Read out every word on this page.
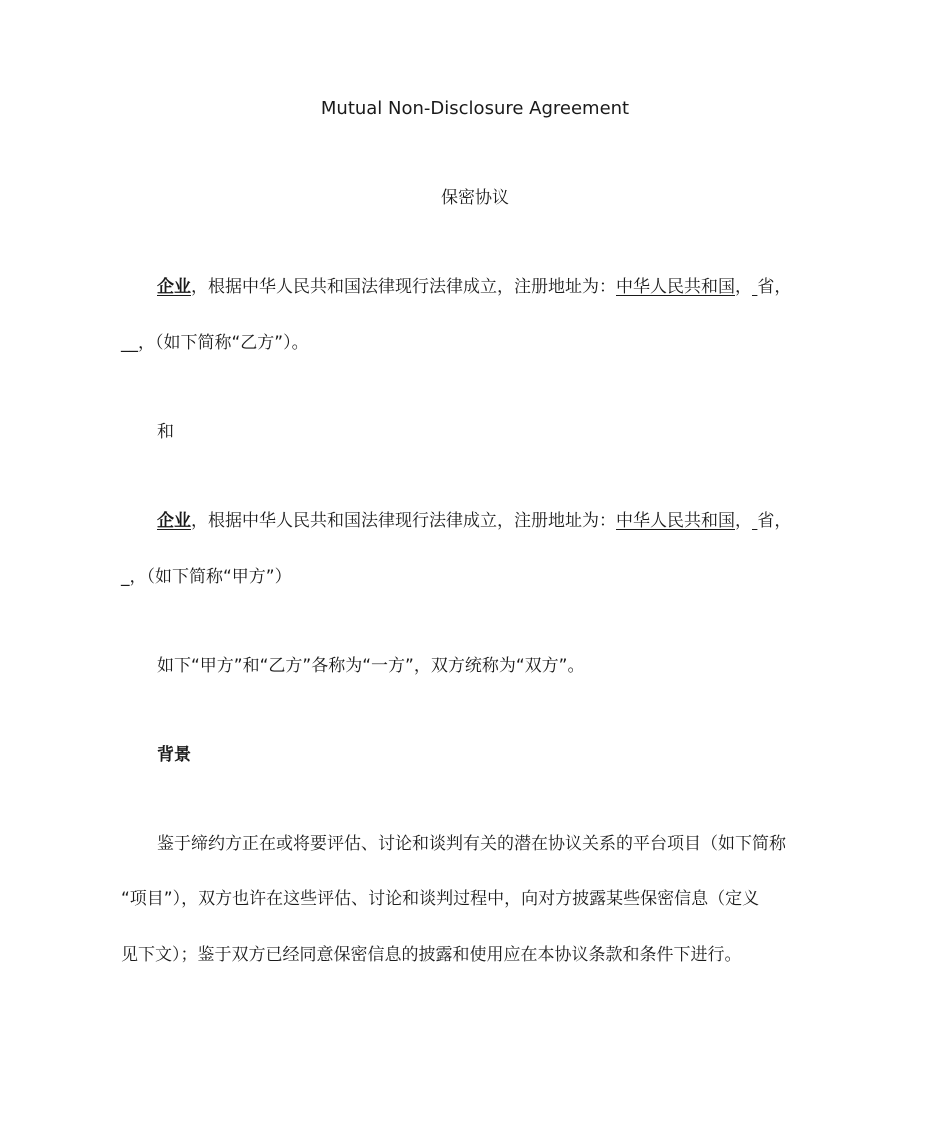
Mutual Non-Disclosure Agreement
保密协议
企业，根据中华人民共和国法律现行法律成立，注册地址为：中华人民共和国， 省，
__，（如下简称“乙方”）。
和
企业，根据中华人民共和国法律现行法律成立，注册地址为：中华人民共和国， 省，
_，（如下简称“甲方”）
如下“甲方”和“乙方”各称为“一方”，双方统称为“双方”。
背景
鉴于缔约方正在或将要评估、讨论和谈判有关的潜在协议关系的平台项目（如下简称
“项目”），双方也许在这些评估、讨论和谈判过程中，向对方披露某些保密信息（定义
见下文）；鉴于双方已经同意保密信息的披露和使用应在本协议条款和条件下进行。
